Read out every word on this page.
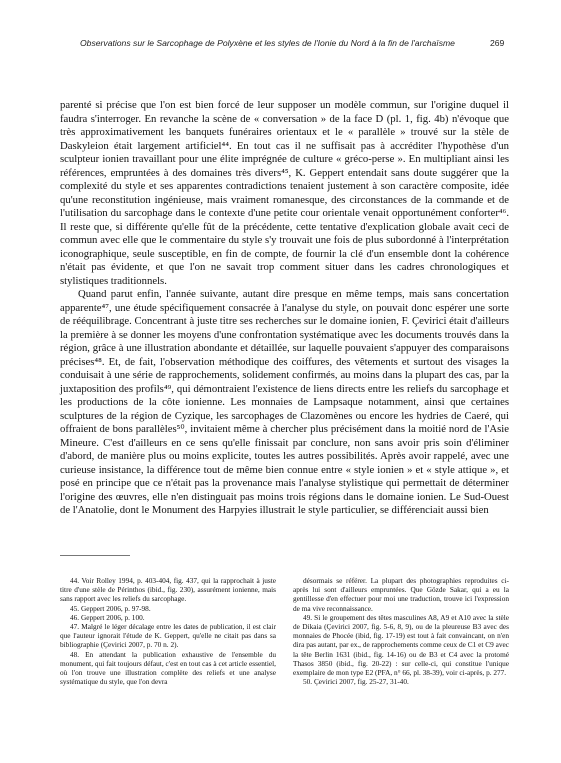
Observations sur le Sarcophage de Polyxène et les styles de l'Ionie du Nord à la fin de l'archaïsme	269

parenté si précise que l'on est bien forcé de leur supposer un modèle commun, sur l'origine duquel il faudra s'interroger. En revanche la scène de « conversation » de la face D (pl. 1, fig. 4b) n'évoque que très approximativement les banquets funéraires orientaux et le « parallèle » trouvé sur la stèle de Daskyleion était largement artificiel⁴⁴. En tout cas il ne suffisait pas à accréditer l'hypothèse d'un sculpteur ionien travaillant pour une élite imprégnée de culture « gréco-perse ». En multipliant ainsi les références, empruntées à des domaines très divers⁴⁵, K. Geppert entendait sans doute suggérer que la complexité du style et ses apparentes contradictions tenaient justement à son caractère composite, idée qu'une reconstitution ingénieuse, mais vraiment romanesque, des circonstances de la commande et de l'utilisation du sarcophage dans le contexte d'une petite cour orientale venait opportunément conforter⁴⁶. Il reste que, si différente qu'elle fût de la précédente, cette tentative d'explication globale avait ceci de commun avec elle que le commentaire du style s'y trouvait une fois de plus subordonné à l'interprétation iconographique, seule susceptible, en fin de compte, de fournir la clé d'un ensemble dont la cohérence n'était pas évidente, et que l'on ne savait trop comment situer dans les cadres chronologiques et stylistiques traditionnels.

Quand parut enfin, l'année suivante, autant dire presque en même temps, mais sans concertation apparente⁴⁷, une étude spécifiquement consacrée à l'analyse du style, on pouvait donc espérer une sorte de rééquilibrage. Concentrant à juste titre ses recherches sur le domaine ionien, F. Çevirici était d'ailleurs la première à se donner les moyens d'une confrontation systématique avec les documents trouvés dans la région, grâce à une illustration abondante et détaillée, sur laquelle pouvaient s'appuyer des comparaisons précises⁴⁸. Et, de fait, l'observation méthodique des coiffures, des vêtements et surtout des visages la conduisait à une série de rapprochements, solidement confirmés, au moins dans la plupart des cas, par la juxtaposition des profils⁴⁹, qui démontraient l'existence de liens directs entre les reliefs du sarcophage et les productions de la côte ionienne. Les monnaies de Lampsaque notamment, ainsi que certaines sculptures de la région de Cyzique, les sarcophages de Clazomènes ou encore les hydries de Caeré, qui offraient de bons parallèles⁵⁰, invitaient même à chercher plus précisément dans la moitié nord de l'Asie Mineure. C'est d'ailleurs en ce sens qu'elle finissait par conclure, non sans avoir pris soin d'éliminer d'abord, de manière plus ou moins explicite, toutes les autres possibilités. Après avoir rappelé, avec une curieuse insistance, la différence tout de même bien connue entre « style ionien » et « style attique », et posé en principe que ce n'était pas la provenance mais l'analyse stylistique qui permettait de déterminer l'origine des œuvres, elle n'en distinguait pas moins trois régions dans le domaine ionien. Le Sud-Ouest de l'Anatolie, dont le Monument des Harpyies illustrait le style particulier, se différenciait aussi bien

44. Voir Rolley 1994, p. 403-404, fig. 437, qui la rapprochait à juste titre d'une stèle de Périnthos (ibid., fig. 230), assurément ionienne, mais sans rapport avec les reliefs du sarcophage.

45. Geppert 2006, p. 97-98.

46. Geppert 2006, p. 100.

47. Malgré le léger décalage entre les dates de publication, il est clair que l'auteur ignorait l'étude de K. Geppert, qu'elle ne citait pas dans sa bibliographie (Çevirici 2007, p. 70 n. 2).

48. En attendant la publication exhaustive de l'ensemble du monument, qui fait toujours défaut, c'est en tout cas à cet article essentiel, où l'on trouve une illustration complète des reliefs et une analyse systématique du style, que l'on devra

désormais se référer. La plupart des photographies reproduites ci-après lui sont d'ailleurs empruntées. Que Gözde Sakar, qui a eu la gentillesse d'en effectuer pour moi une traduction, trouve ici l'expression de ma vive reconnaissance.

49. Si le groupement des têtes masculines A8, A9 et A10 avec la stèle de Dikaia (Çevirici 2007, fig. 5-6, 8, 9), ou de la pleureuse B3 avec des monnaies de Phocée (ibid, fig. 17-19) est tout à fait convaincant, on n'en dira pas autant, par ex., de rapprochements comme ceux de C1 et C9 avec la tête Berlin 1631 (ibid., fig. 14-16) ou de B3 et C4 avec la protomé Thasos 3850 (ibid., fig. 20-22) : sur celle-ci, qui constitue l'unique exemplaire de mon type E2 (PFA, n° 66, pl. 38-39), voir ci-après, p. 277.

50. Çevirici 2007, fig. 25-27, 31-40.
